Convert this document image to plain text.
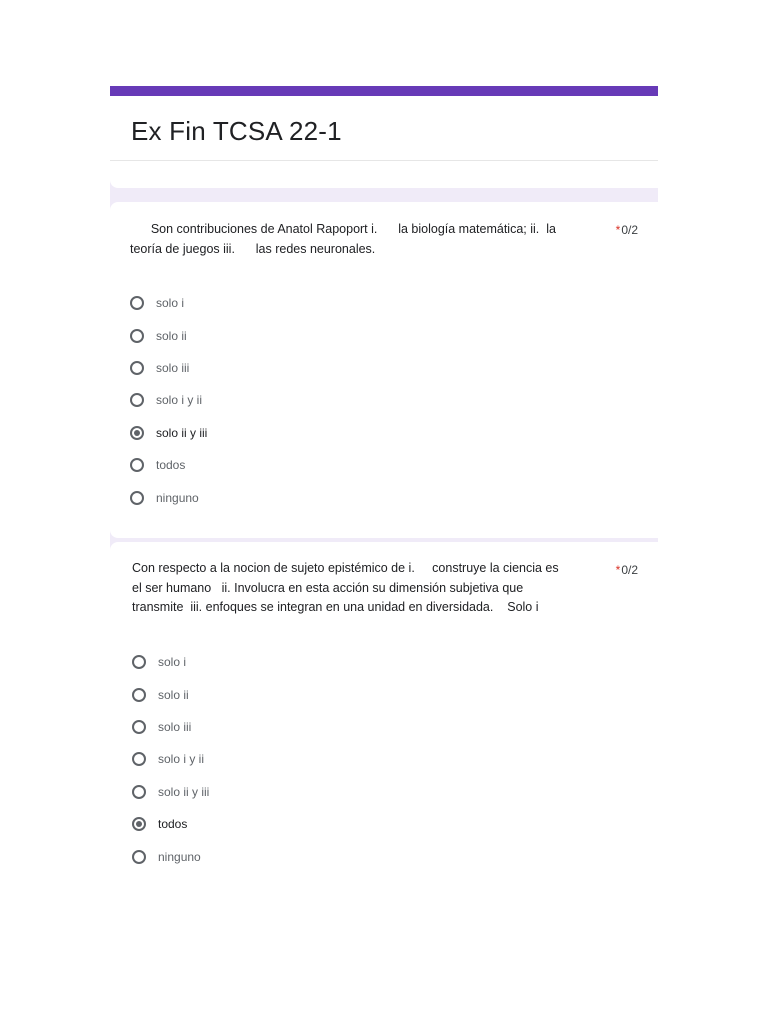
Ex Fin TCSA 22-1
Son contribuciones de Anatol Rapoport i.      la biología matemática; ii.  la
teoría de juegos iii.      las redes neuronales.
*0/2
solo i
solo ii
solo iii
solo i y ii
solo ii y iii
todos
ninguno
Con respecto a la nocion de sujeto epistémico de i.     construye la ciencia es
el ser humano   ii. Involucra en esta acción su dimensión subjetiva que
transmite  iii. enfoques se integran en una unidad en diversidada.    Solo i
*0/2
solo i
solo ii
solo iii
solo i y ii
solo ii y iii
todos
ninguno
